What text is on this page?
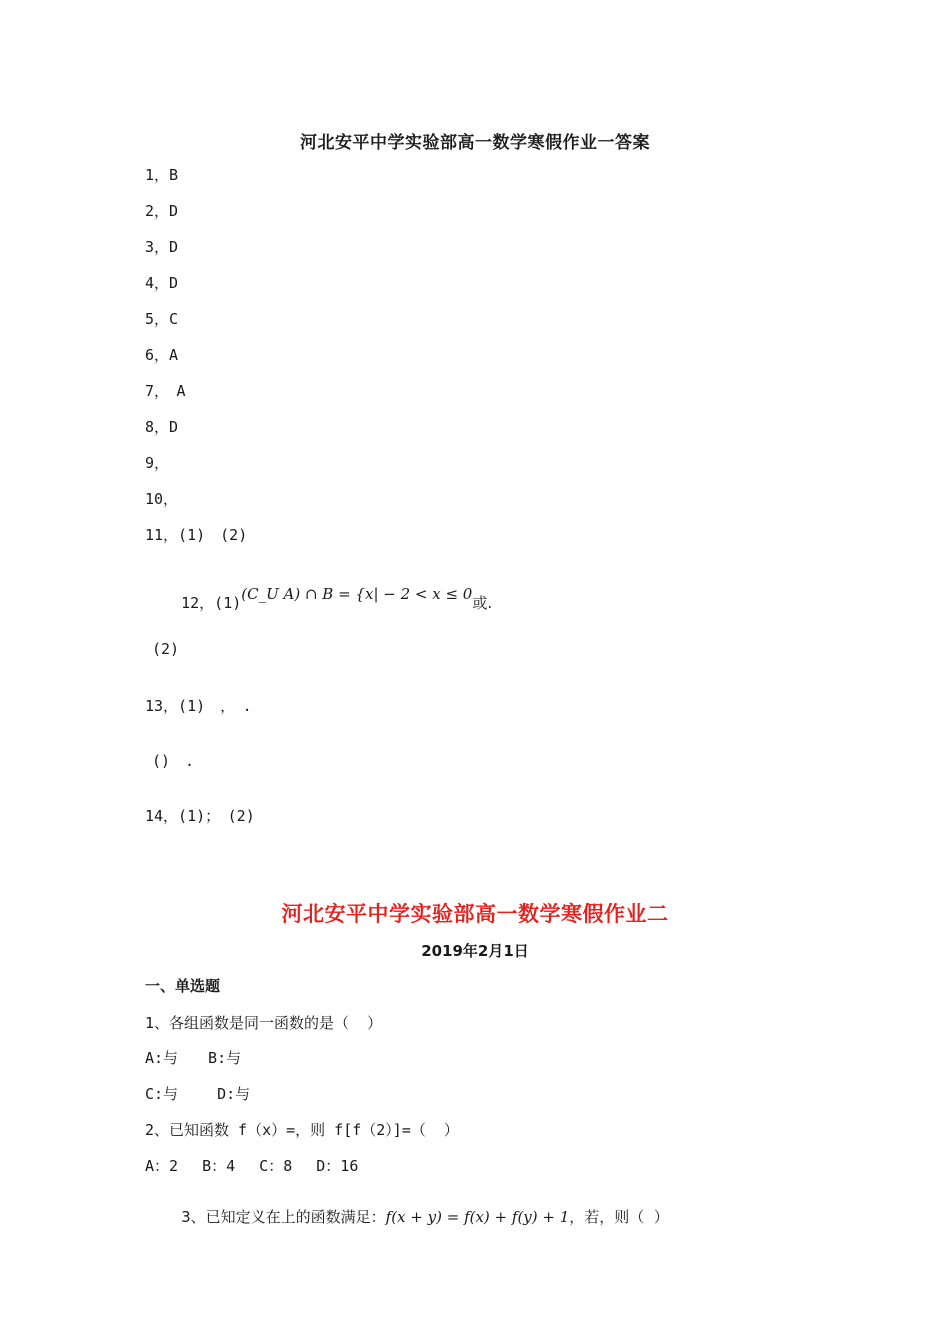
河北安平中学实验部高一数学寒假作业一答案
1，B
2，D
3，D
4，D
5，C
6，A
7，　A
8，D
9，
10，
11，(1)　(2)

12，(1)(C_U A) ∩ B = {x| − 2 < x ≤ 0或.

(2)
13，(1)　，　.
()　.
14，(1)；　(2)
河北安平中学实验部高一数学寒假作业二
2019年2月1日
一、单选题
1、各组函数是同一函数的是（  ）
A:与　　B:与
C:与　　 D:与
2、已知函数 f（x）=，则 f[f（2）]=（  ）
A：2　 B：4　 C：8　 D：16

3、已知定义在上的函数满足：f(x + y) = f(x) + f(y) + 1，若，则（  ）
